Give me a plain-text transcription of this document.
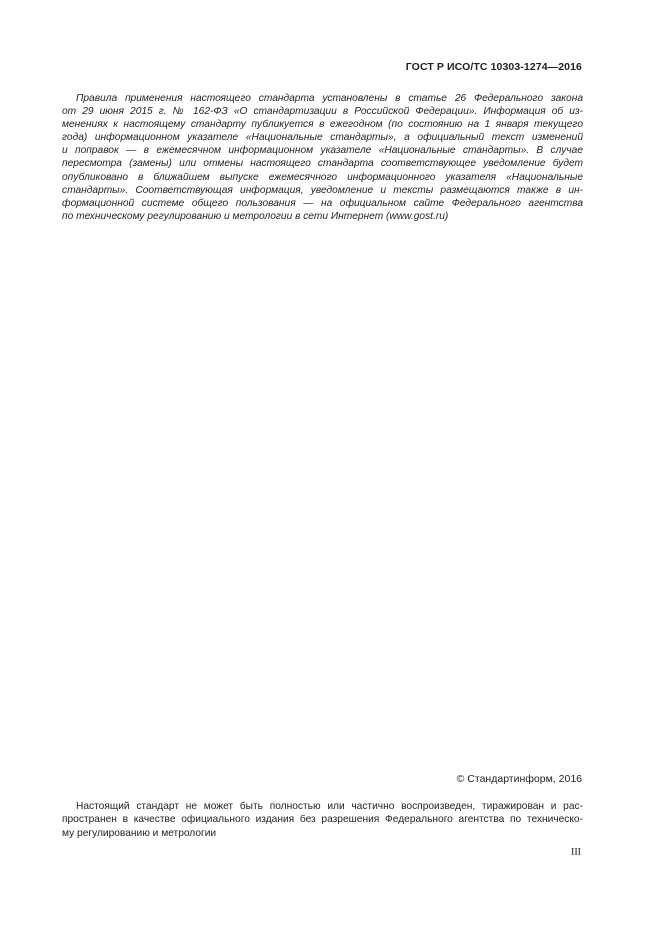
ГОСТ Р ИСО/ТС 10303-1274—2016
Правила применения настоящего стандарта установлены в статье 26 Федерального закона
от 29 июня 2015 г. № 162-ФЗ «О стандартизации в Российской Федерации». Информация об из-
менениях к настоящему стандарту публикуется в ежегодном (по состоянию на 1 января текущего
года) информационном указателе «Национальные стандарты», а официальный текст изменений
и поправок — в ежемесячном информационном указателе «Национальные стандарты». В случае
пересмотра (замены) или отмены настоящего стандарта соответствующее уведомление будет
опубликовано в ближайшем выпуске ежемесячного информационного указателя «Национальные
стандарты». Соответствующая информация, уведомление и тексты размещаются также в ин-
формационной системе общего пользования — на официальном сайте Федерального агентства
по техническому регулированию и метрологии в сети Интернет (www.gost.ru)
© Стандартинформ, 2016
Настоящий стандарт не может быть полностью или частично воспроизведен, тиражирован и рас-
пространен в качестве официального издания без разрешения Федерального агентства по техническо-
му регулированию и метрологии
III
